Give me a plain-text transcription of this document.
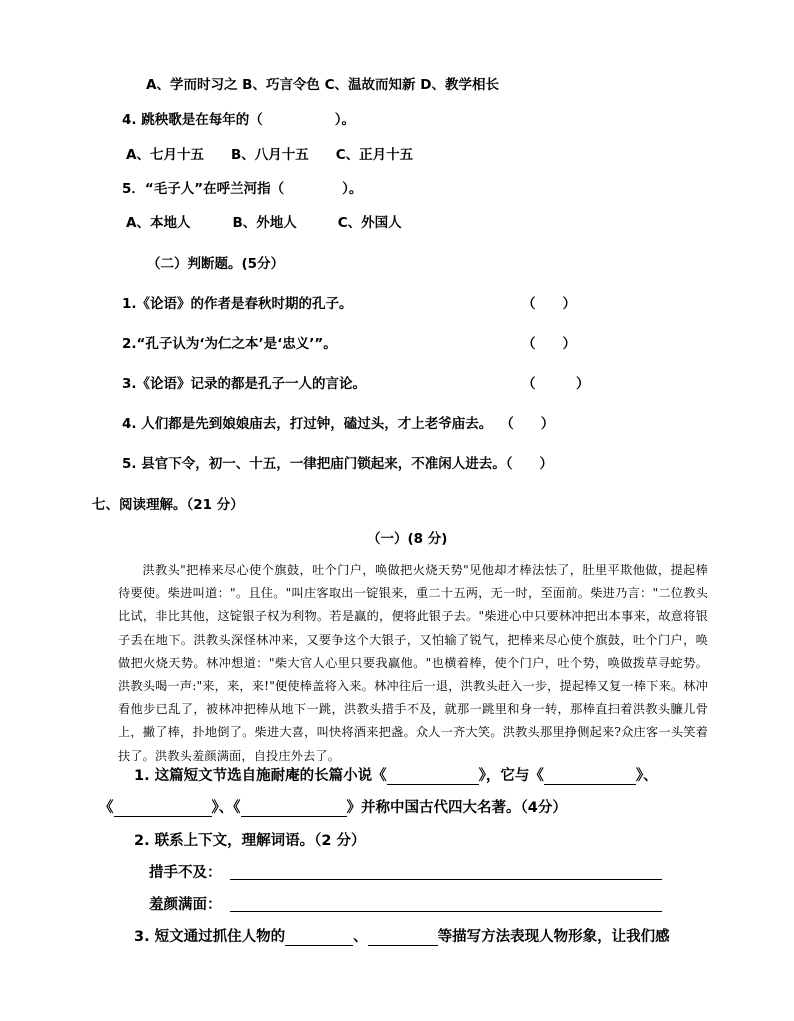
A、学而时习之 B、巧言令色 C、温故而知新 D、教学相长
4. 跳秧歌是在每年的（	）。
A、七月十五 B、八月十五 C、正月十五
5．“毛子人”在呼兰河指（	）。
A、本地人	B、外地人	C、外国人
（二）判断题。(5分）
1.《论语》的作者是春秋时期的孔子。	（　　）
2.“孔子认为‘为仁之本’是‘忠义’”。	（　　）
3.《论语》记录的都是孔子一人的言论。	（　　　）
4. 人们都是先到娘娘庙去，打过钟，磕过头，才上老爷庙去。 （　　）
5. 县官下令，初一、十五，一律把庙门锁起来，不准闲人进去。（　　）
七、阅读理解。（21 分）
（一）(8 分)
洪教头"把棒来尽心使个旗鼓，吐个门户，唤做把火烧天势"见他却才棒法怯了，肚里平欺他做，提起棒待要使。柴进叫道："。且住。"叫庄客取出一锭银来，重二十五两，无一时，至面前。柴进乃言："二位教头比试，非比其他，这锭银子权为利物。若是赢的，便将此银子去。"柴进心中只要林冲把出本事来，故意将银子丢在地下。洪教头深怪林冲来，又要争这个大银子，又怕输了锐气，把棒来尽心使个旗鼓，吐个门户，唤做把火烧天势。林冲想道："柴大官人心里只要我赢他。"也横着棒，使个门户，吐个势，唤做拨草寻蛇势。洪教头喝一声:"来，来，来!"便使棒盖将入来。林冲往后一退，洪教头赶入一步，提起棒又复一棒下来。林冲看他步已乱了，被林冲把棒从地下一跳，洪教头措手不及，就那一跳里和身一转，那棒直扫着洪教头臁儿骨上，撇了棒，扑地倒了。柴进大喜，叫快将酒来把盏。众人一齐大笑。洪教头那里挣侧起来?众庄客一头笑着扶了。洪教头羞颜满面，自投庄外去了。
1. 这篇短文节选自施耐庵的长篇小说《	》，它与《	》、
《	》、《	》并称中国古代四大名著。（4分）
2. 联系上下文，理解词语。（2 分）
措手不及：
羞颜满面：
3. 短文通过抓住人物的	、	等描写方法表现人物形象，让我们感
